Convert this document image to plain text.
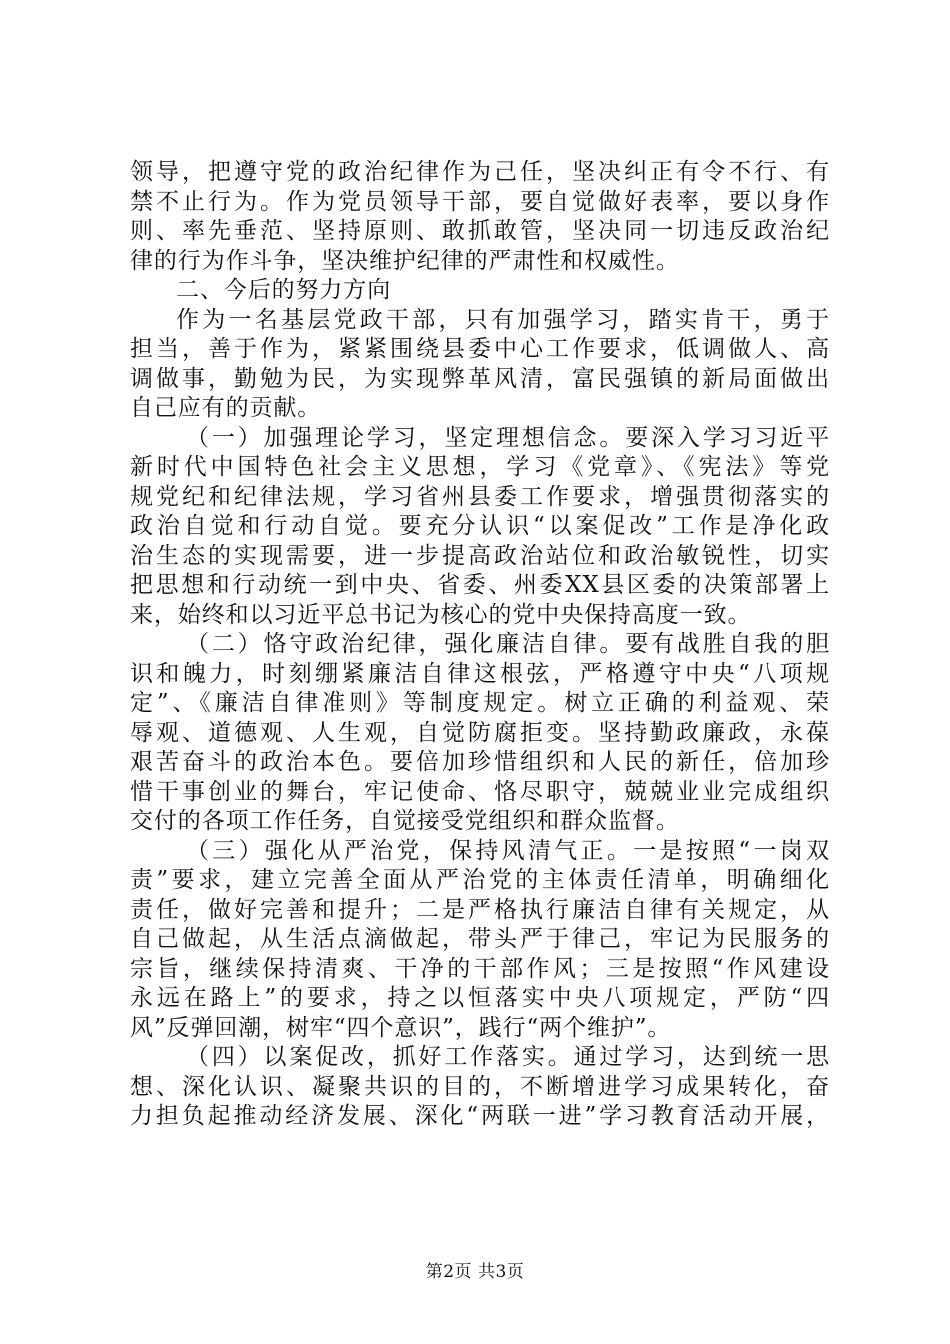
领导，把遵守党的政治纪律作为己任，坚决纠正有令不行、有
禁不止行为。作为党员领导干部，要自觉做好表率，要以身作
则、率先垂范、坚持原则、敢抓敢管，坚决同一切违反政治纪
律的行为作斗争，坚决维护纪律的严肃性和权威性。
二、今后的努力方向
作为一名基层党政干部，只有加强学习，踏实肯干，勇于
担当，善于作为，紧紧围绕县委中心工作要求，低调做人、高
调做事，勤勉为民，为实现弊革风清，富民强镇的新局面做出
自己应有的贡献。
（一）加强理论学习，坚定理想信念。要深入学习习近平
新时代中国特色社会主义思想，学习《党章》、《宪法》等党
规党纪和纪律法规，学习省州县委工作要求，增强贯彻落实的
政治自觉和行动自觉。要充分认识“以案促改”工作是净化政
治生态的实现需要，进一步提高政治站位和政治敏锐性，切实
把思想和行动统一到中央、省委、州委XX县区委的决策部署上
来，始终和以习近平总书记为核心的党中央保持高度一致。
（二）恪守政治纪律，强化廉洁自律。要有战胜自我的胆
识和魄力，时刻绷紧廉洁自律这根弦，严格遵守中央“八项规
定”、《廉洁自律准则》等制度规定。树立正确的利益观、荣
辱观、道德观、人生观，自觉防腐拒变。坚持勤政廉政，永葆
艰苦奋斗的政治本色。要倍加珍惜组织和人民的新任，倍加珍
惜干事创业的舞台，牢记使命、恪尽职守，兢兢业业完成组织
交付的各项工作任务，自觉接受党组织和群众监督。
（三）强化从严治党，保持风清气正。一是按照“一岗双
责”要求，建立完善全面从严治党的主体责任清单，明确细化
责任，做好完善和提升；二是严格执行廉洁自律有关规定，从
自己做起，从生活点滴做起，带头严于律己，牢记为民服务的
宗旨，继续保持清爽、干净的干部作风；三是按照“作风建设
永远在路上”的要求，持之以恒落实中央八项规定，严防“四
风”反弹回潮，树牢“四个意识”，践行“两个维护”。
（四）以案促改，抓好工作落实。通过学习，达到统一思
想、深化认识、凝聚共识的目的，不断增进学习成果转化，奋
力担负起推动经济发展、深化“两联一进”学习教育活动开展，
第2页 共3页
